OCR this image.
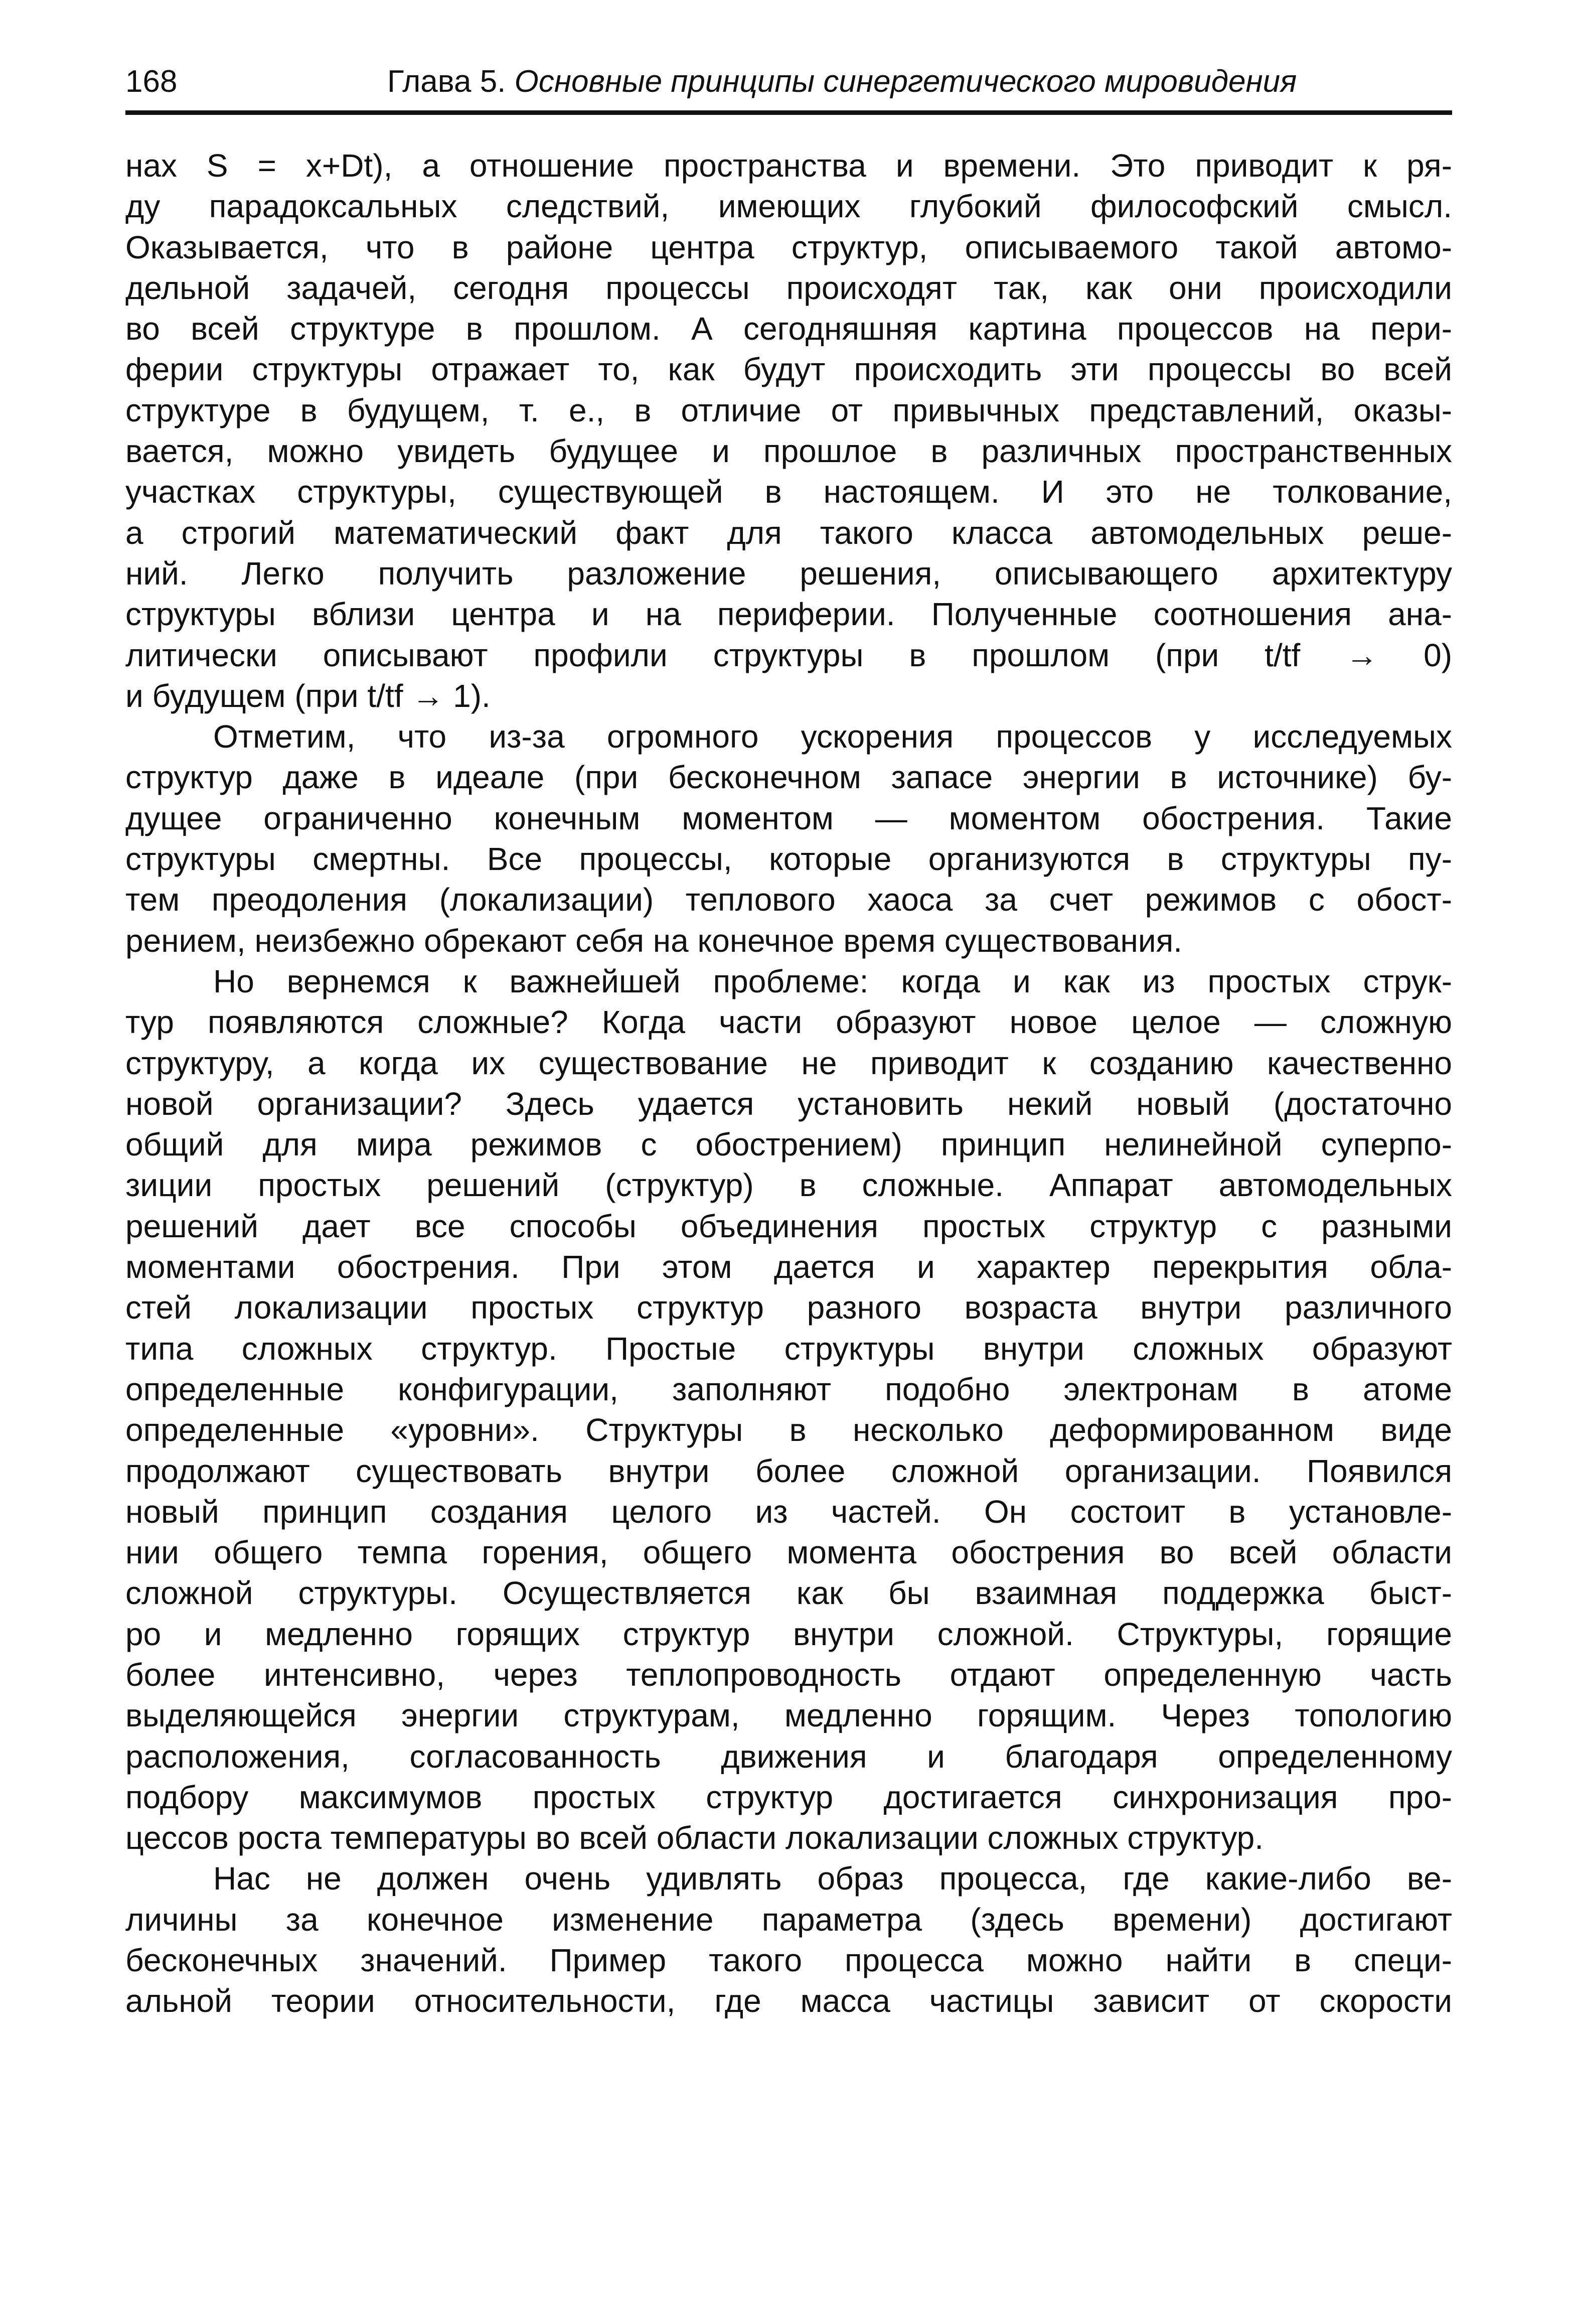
168	Глава 5. Основные принципы синергетического мировидения
нах S = x+Dt), а отношение пространства и времени. Это приводит к ря-
ду парадоксальных следствий, имеющих глубокий философский смысл.
Оказывается, что в районе центра структур, описываемого такой автомо-
дельной задачей, сегодня процессы происходят так, как они происходили
во всей структуре в прошлом. А сегодняшняя картина процессов на пери-
ферии структуры отражает то, как будут происходить эти процессы во всей
структуре в будущем, т. е., в отличие от привычных представлений, оказы-
вается, можно увидеть будущее и прошлое в различных пространственных
участках структуры, существующей в настоящем. И это не толкование,
а строгий математический факт для такого класса автомодельных реше-
ний. Легко получить разложение решения, описывающего архитектуру
структуры вблизи центра и на периферии. Полученные соотношения ана-
литически описывают профили структуры в прошлом (при t/tf → 0)
и будущем (при t/tf → 1).
Отметим, что из-за огромного ускорения процессов у исследуемых
структур даже в идеале (при бесконечном запасе энергии в источнике) бу-
дущее ограниченно конечным моментом — моментом обострения. Такие
структуры смертны. Все процессы, которые организуются в структуры пу-
тем преодоления (локализации) теплового хаоса за счет режимов с обост-
рением, неизбежно обрекают себя на конечное время существования.
Но вернемся к важнейшей проблеме: когда и как из простых струк-
тур появляются сложные? Когда части образуют новое целое — сложную
структуру, а когда их существование не приводит к созданию качественно
новой организации? Здесь удается установить некий новый (достаточно
общий для мира режимов с обострением) принцип нелинейной суперпо-
зиции простых решений (структур) в сложные. Аппарат автомодельных
решений дает все способы объединения простых структур с разными
моментами обострения. При этом дается и характер перекрытия обла-
стей локализации простых структур разного возраста внутри различного
типа сложных структур. Простые структуры внутри сложных образуют
определенные конфигурации, заполняют подобно электронам в атоме
определенные «уровни». Структуры в несколько деформированном виде
продолжают существовать внутри более сложной организации. Появился
новый принцип создания целого из частей. Он состоит в установле-
нии общего темпа горения, общего момента обострения во всей области
сложной структуры. Осуществляется как бы взаимная поддержка быст-
ро и медленно горящих структур внутри сложной. Структуры, горящие
более интенсивно, через теплопроводность отдают определенную часть
выделяющейся энергии структурам, медленно горящим. Через топологию
расположения, согласованность движения и благодаря определенному
подбору максимумов простых структур достигается синхронизация про-
цессов роста температуры во всей области локализации сложных структур.
Нас не должен очень удивлять образ процесса, где какие-либо ве-
личины за конечное изменение параметра (здесь времени) достигают
бесконечных значений. Пример такого процесса можно найти в специ-
альной теории относительности, где масса частицы зависит от скорости
